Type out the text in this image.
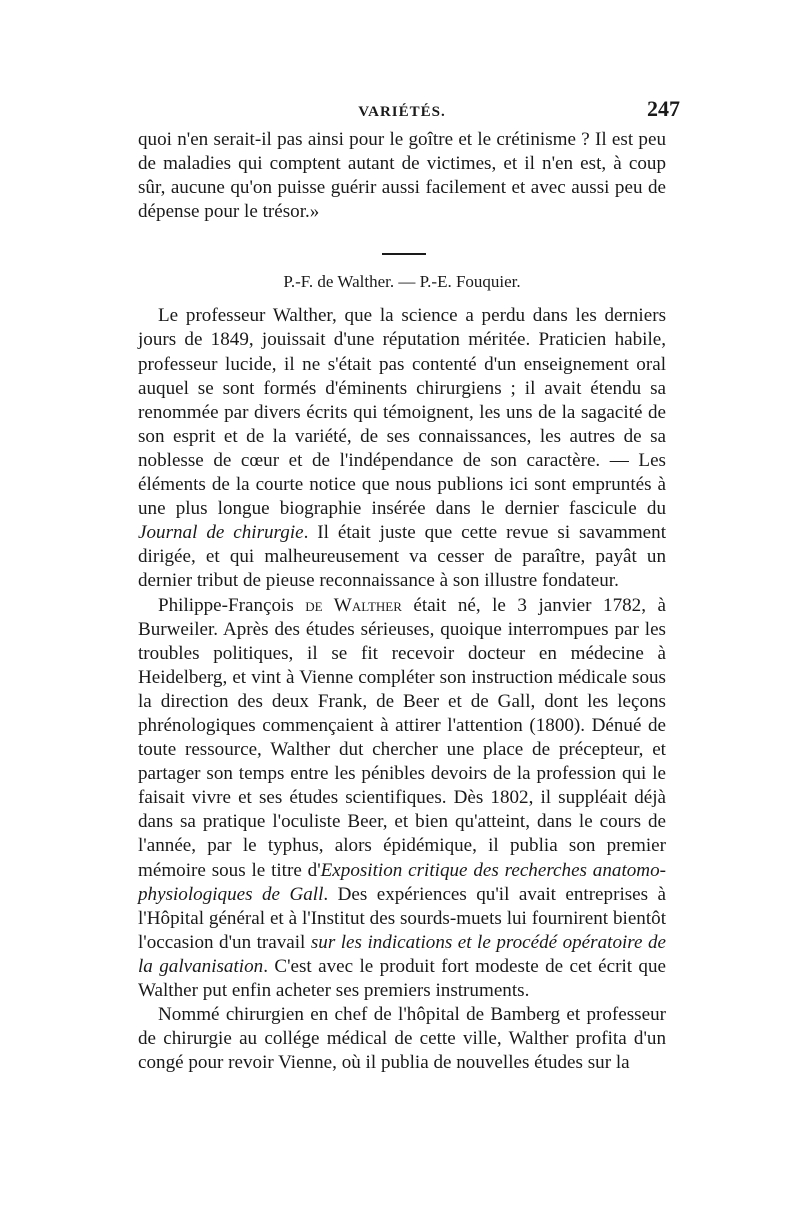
VARIÉTÉS.	247

quoi n'en serait-il pas ainsi pour le goître et le crétinisme ? Il est peu de maladies qui comptent autant de victimes, et il n'en est, à coup sûr, aucune qu'on puisse guérir aussi facilement et avec aussi peu de dépense pour le trésor.»

P.-F. de Walther. — P.-E. Fouquier.

Le professeur Walther, que la science a perdu dans les derniers jours de 1849, jouissait d'une réputation méritée. Praticien habile, professeur lucide, il ne s'était pas contenté d'un enseignement oral auquel se sont formés d'éminents chirurgiens ; il avait étendu sa renommée par divers écrits qui témoignent, les uns de la sagacité de son esprit et de la variété, de ses connaissances, les autres de sa noblesse de cœur et de l'indépendance de son caractère. — Les éléments de la courte notice que nous publions ici sont empruntés à une plus longue biographie insérée dans le dernier fascicule du Journal de chirurgie. Il était juste que cette revue si savamment dirigée, et qui malheureusement va cesser de paraître, payât un dernier tribut de pieuse reconnaissance à son illustre fondateur.

Philippe-François de Walther était né, le 3 janvier 1782, à Burweiler. Après des études sérieuses, quoique interrompues par les troubles politiques, il se fit recevoir docteur en médecine à Heidelberg, et vint à Vienne compléter son instruction médicale sous la direction des deux Frank, de Beer et de Gall, dont les leçons phrénologiques commençaient à attirer l'attention (1800). Dénué de toute ressource, Walther dut chercher une place de précepteur, et partager son temps entre les pénibles devoirs de la profession qui le faisait vivre et ses études scientifiques. Dès 1802, il suppléait déjà dans sa pratique l'oculiste Beer, et bien qu'atteint, dans le cours de l'année, par le typhus, alors épidémique, il publia son premier mémoire sous le titre d'Exposition critique des recherches anatomo-physiologiques de Gall. Des expériences qu'il avait entreprises à l'Hôpital général et à l'Institut des sourds-muets lui fournirent bientôt l'occasion d'un travail sur les indications et le procédé opératoire de la galvanisation. C'est avec le produit fort modeste de cet écrit que Walther put enfin acheter ses premiers instruments.

Nommé chirurgien en chef de l'hôpital de Bamberg et professeur de chirurgie au collége médical de cette ville, Walther profita d'un congé pour revoir Vienne, où il publia de nouvelles études sur la
